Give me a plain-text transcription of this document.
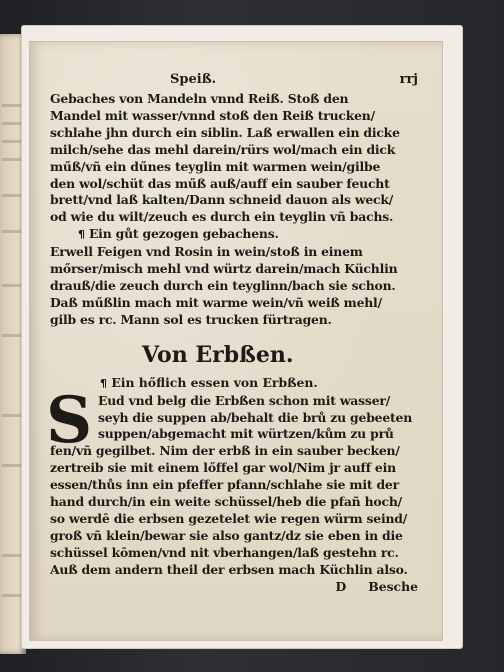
Speiß.	rrj
Gebaches von Mandeln vnnd Reiß. Stoß den
Mandel mit wasser/vnnd stoß den Reiß trucken/
schlahe jhn durch ein siblin. Laß erwallen ein dicke
milch/sehe das mehl darein/rürs wol/mach ein dick
műß/vñ ein dűnes teyglin mit warmen wein/gilbe
den wol/schüt das műß auß/auff ein sauber feucht
brett/vnd laß kalten/Dann schneid dauon als weck/
od wie du wilt/zeuch es durch ein teyglin vñ bachs.
¶ Ein gůt gezogen gebachens.
Erwell Feigen vnd Rosin in wein/stoß in einem
mőrser/misch mehl vnd würtz darein/mach Küchlin
drauß/die zeuch durch ein teyglinn/bach sie schon.
Daß műßlin mach mit warme wein/vñ weiß mehl/
gilb es rc. Mann sol es trucken fürtragen.
Von Erbßen.
¶ Ein hőflich essen von Erbßen.
S Eud vnd belg die Erbßen schon mit wasser/
seyh die suppen ab/behalt die brů zu gebeeten
suppen/abgemacht mit würtzen/kům zu prů
fen/vñ gegilbet. Nim der erbß in ein sauber becken/
zertreib sie mit einem lőffel gar wol/Nim jr auff ein
essen/thůs inn ein pfeffer pfann/schlahe sie mit der
hand durch/in ein weite schüssel/heb die pfañ hoch/
so werdē die erbsen gezetelet wie regen würm seind/
groß vñ klein/bewar sie also gantz/dz sie eben in die
schüssel kōmen/vnd nit vberhangen/laß gestehn rc.
Auß dem andern theil der erbsen mach Küchlin also.
D Besche
